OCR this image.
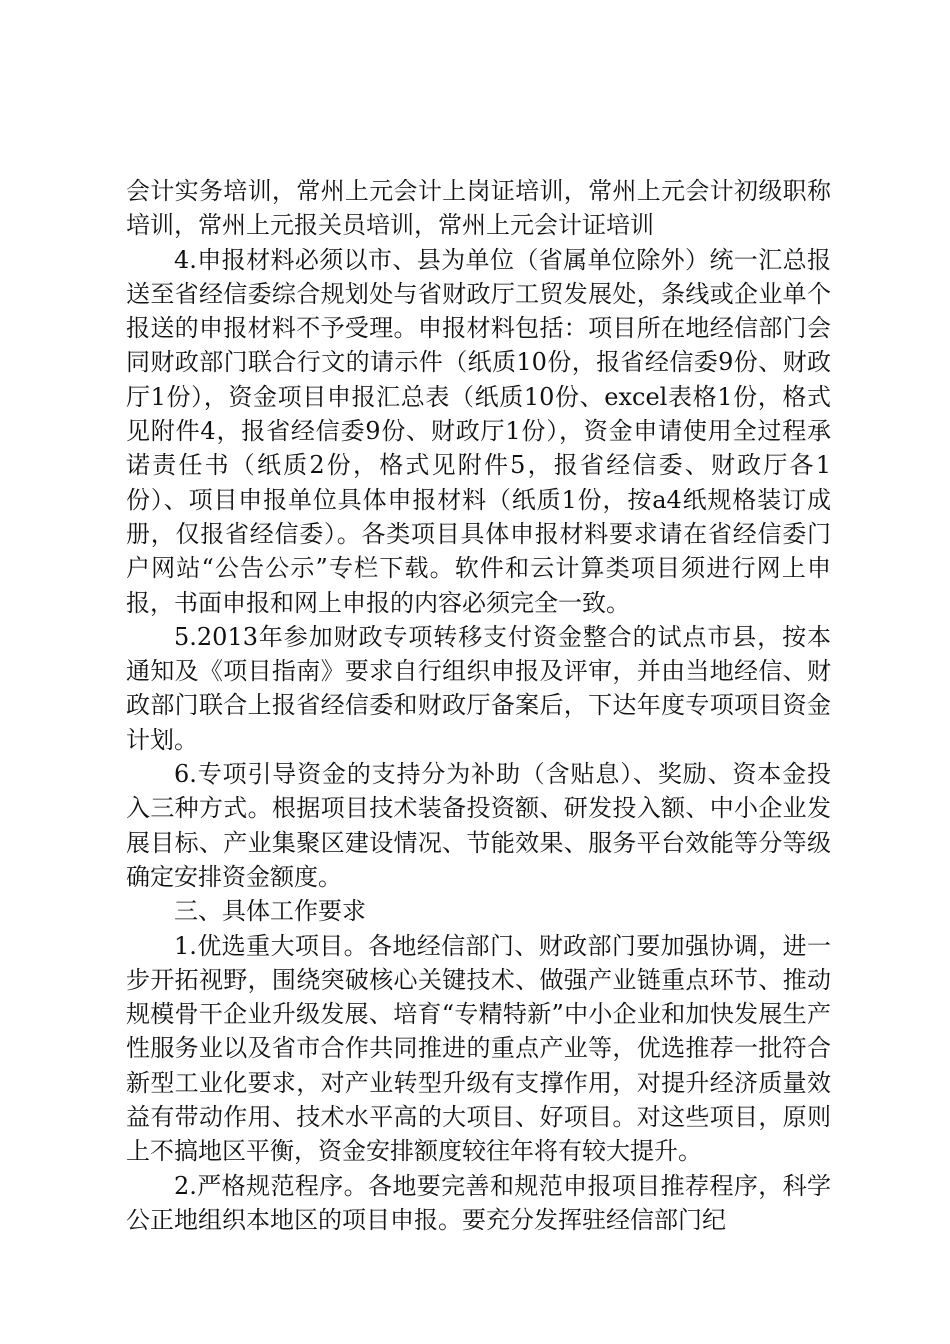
会计实务培训，常州上元会计上岗证培训，常州上元会计初级职称培训，常州上元报关员培训，常州上元会计证培训

4.申报材料必须以市、县为单位（省属单位除外）统一汇总报送至省经信委综合规划处与省财政厅工贸发展处，条线或企业单个报送的申报材料不予受理。申报材料包括：项目所在地经信部门会同财政部门联合行文的请示件（纸质10份，报省经信委9份、财政厅1份），资金项目申报汇总表（纸质10份、excel表格1份，格式见附件4，报省经信委9份、财政厅1份），资金申请使用全过程承诺责任书（纸质2份，格式见附件5，报省经信委、财政厅各1份）、项目申报单位具体申报材料（纸质1份，按a4纸规格装订成册，仅报省经信委）。各类项目具体申报材料要求请在省经信委门户网站“公告公示”专栏下载。软件和云计算类项目须进行网上申报，书面申报和网上申报的内容必须完全一致。

5.2013年参加财政专项转移支付资金整合的试点市县，按本通知及《项目指南》要求自行组织申报及评审，并由当地经信、财政部门联合上报省经信委和财政厅备案后，下达年度专项项目资金计划。

6.专项引导资金的支持分为补助（含贴息）、奖励、资本金投入三种方式。根据项目技术装备投资额、研发投入额、中小企业发展目标、产业集聚区建设情况、节能效果、服务平台效能等分等级确定安排资金额度。

三、具体工作要求

1.优选重大项目。各地经信部门、财政部门要加强协调，进一步开拓视野，围绕突破核心关键技术、做强产业链重点环节、推动规模骨干企业升级发展、培育“专精特新”中小企业和加快发展生产性服务业以及省市合作共同推进的重点产业等，优选推荐一批符合新型工业化要求，对产业转型升级有支撑作用，对提升经济质量效益有带动作用、技术水平高的大项目、好项目。对这些项目，原则上不搞地区平衡，资金安排额度较往年将有较大提升。

2.严格规范程序。各地要完善和规范申报项目推荐程序，科学公正地组织本地区的项目申报。要充分发挥驻经信部门纪
